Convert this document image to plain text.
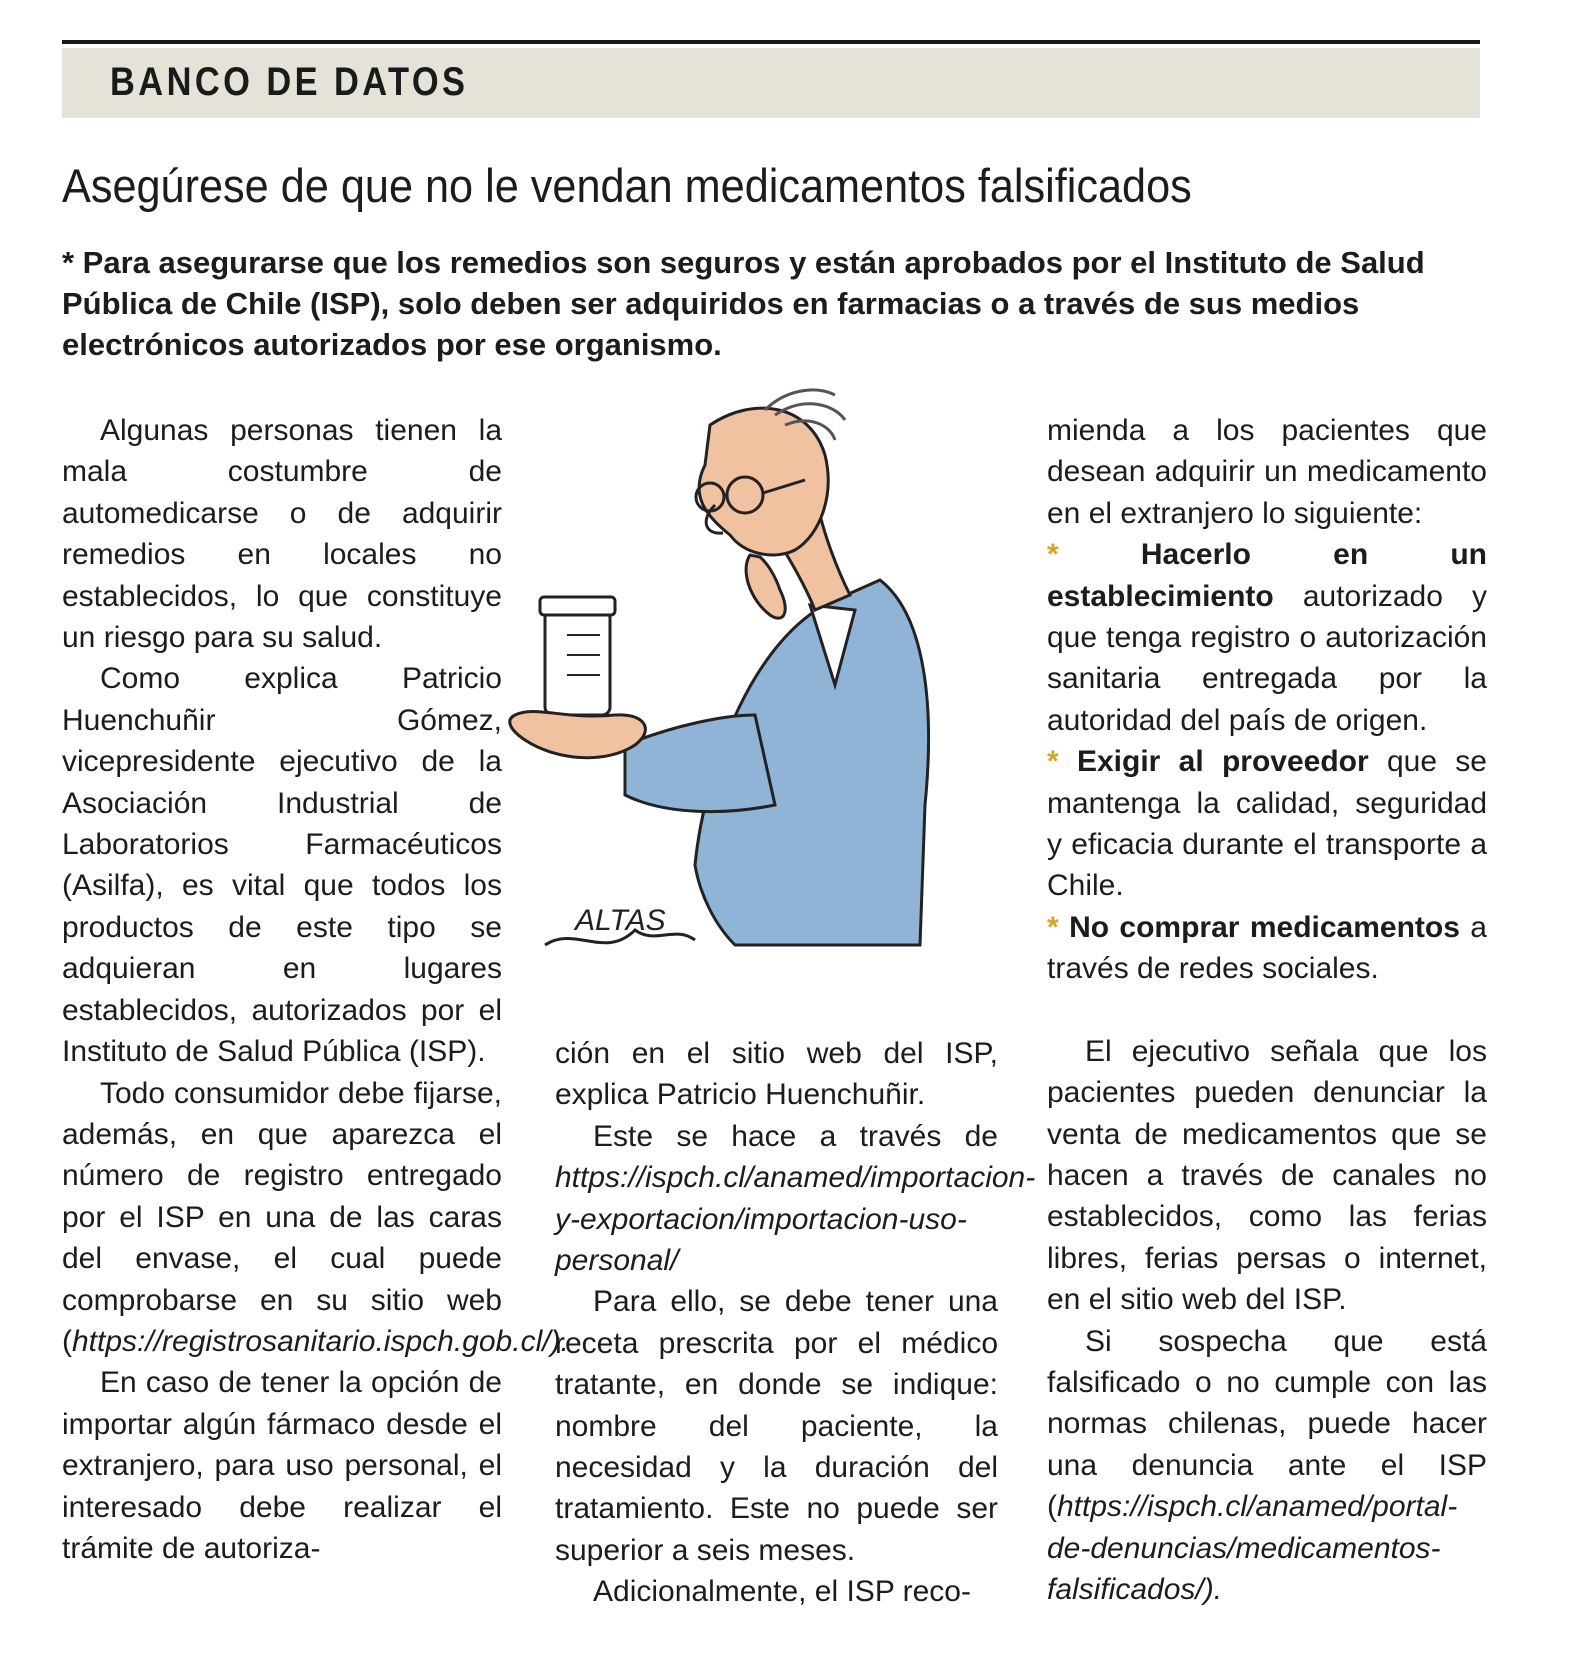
BANCO DE DATOS
Asegúrese de que no le vendan medicamentos falsificados

* Para asegurarse que los remedios son seguros y están aprobados por el Instituto de Salud Pública de Chile (ISP), solo deben ser adquiridos en farmacias o a través de sus medios electrónicos autorizados por ese organismo.

Algunas personas tienen la mala costumbre de automedicarse o de adquirir remedios en locales no establecidos, lo que constituye un riesgo para su salud.

Como explica Patricio Huenchuñir Gómez, vicepresidente ejecutivo de la Asociación Industrial de Laboratorios Farmacéuticos (Asilfa), es vital que todos los productos de este tipo se adquieran en lugares establecidos, autorizados por el Instituto de Salud Pública (ISP).

Todo consumidor debe fijarse, además, en que aparezca el número de registro entregado por el ISP en una de las caras del envase, el cual puede comprobarse en su sitio web (https://registrosanitario.ispch.gob.cl/).

En caso de tener la opción de importar algún fármaco desde el extranjero, para uso personal, el interesado debe realizar el trámite de autoriza-

ALTAS

ción en el sitio web del ISP, explica Patricio Huenchuñir.

Este se hace a través de https://ispch.cl/anamed/importacion-y-exportacion/importacion-uso-personal/

Para ello, se debe tener una receta prescrita por el médico tratante, en donde se indique: nombre del paciente, la necesidad y la duración del tratamiento. Este no puede ser superior a seis meses.

Adicionalmente, el ISP reco-

mienda a los pacientes que desean adquirir un medicamento en el extranjero lo siguiente:

*	Hacerlo en un establecimiento autorizado y que tenga registro o autorización sanitaria entregada por la autoridad del país de origen.

* Exigir al proveedor que se mantenga la calidad, seguridad y eficacia durante el transporte a Chile.

* No comprar medicamentos a través de redes sociales.

El ejecutivo señala que los pacientes pueden denunciar la venta de medicamentos que se hacen a través de canales no establecidos, como las ferias libres, ferias persas o internet, en el sitio web del ISP.

Si sospecha que está falsificado o no cumple con las normas chilenas, puede hacer una denuncia ante el ISP (https://ispch.cl/anamed/portal-de-denuncias/medicamentos-falsificados/).
